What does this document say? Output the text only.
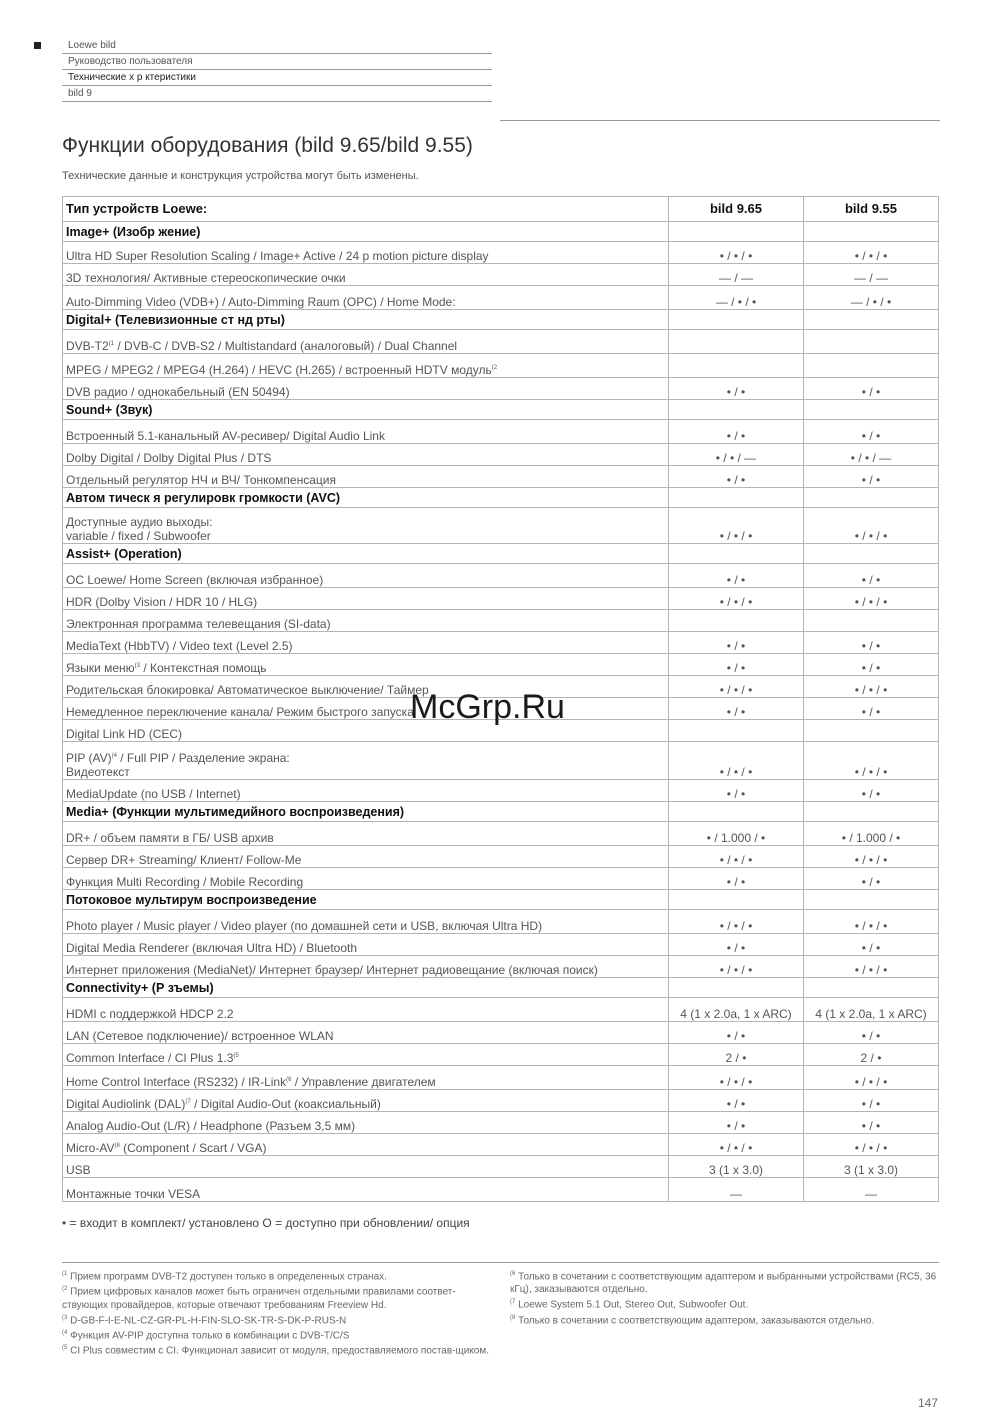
Loewe bild
Руководство пользователя
Технические х р ктеристики
bild 9
Функции оборудования (bild 9.65/bild 9.55)
Технические данные и конструкция устройства могут быть изменены.
Тип устройств Loewe:	bild 9.65	bild 9.55
Image+ (Изобр жение)		
Ultra HD Super Resolution Scaling / Image+ Active / 24 p motion picture display	• / • / •	• / • / •
3D технология/ Активные стереоскопические очки	— / —	— / —
Auto-Dimming Video (VDB+) / Auto-Dimming Raum (OPC) / Home Mode:	— / • / •	— / • / •
Digital+ (Телевизионные ст нд рты)		
DVB-T2$^{(1}$ / DVB-C / DVB-S2 / Multistandard (аналоговый) / Dual Channel		
MPEG / MPEG2 / MPEG4 (H.264) / HEVC (H.265) / встроенный HDTV модуль$^{(2}$		
DVB радио / однокабельный (EN 50494)	• / •	• / •
Sound+ (Звук)		
Встроенный 5.1-канальный AV-ресивер/ Digital Audio Link	• / •	• / •
Dolby Digital / Dolby Digital Plus / DTS	• / • / —	• / • / —
Отдельный регулятор НЧ и ВЧ/ Тонкомпенсация	• / •	• / •
Автом тическ я регулировк громкости (AVC)		
Доступные аудио выходы:
variable / fixed / Subwoofer	• / • / •	• / • / •
Assist+ (Operation)		
ОС Loewe/ Home Screen (включая избранное)	• / •	• / •
HDR (Dolby Vision / HDR 10 / HLG)	• / • / •	• / • / •
Электронная программа телевещания (SI-data)		
MediaText (HbbTV) / Video text (Level 2.5)	• / •	• / •
Языки меню$^{(3}$ / Контекстная помощь	• / •	• / •
Родительская блокировка/ Автоматическое выключение/ Таймер	• / • / •	• / • / •
Немедленное переключение канала/ Режим быстрого запуска	• / •	• / •
Digital Link HD (CEC)		
PIP (AV)$^{(4}$ / Full PIP / Разделение экрана:
Видеотекст	• / • / •	• / • / •
MediaUpdate (по USB / Internet)	• / •	• / •
Media+ (Функции мультимедийного воспроизведения)		
DR+ / объем памяти в ГБ/ USB архив	• / 1.000 / •	• / 1.000 / •
Сервер DR+ Streaming/ Клиент/ Follow-Me	• / • / •	• / • / •
Функция Multi Recording / Mobile Recording	• / •	• / •
Потоковое мультирум воспроизведение		
Photo player / Music player / Video player (по домашней сети и USB, включая Ultra HD)	• / • / •	• / • / •
Digital Media Renderer (включая Ultra HD) / Bluetooth	• / •	• / •
Интернет приложения (MediaNet)/ Интернет браузер/ Интернет радиовещание (включая поиск)	• / • / •	• / • / •
Connectivity+ (Р зъемы)		
HDMI с поддержкой HDCP 2.2	4 (1 x 2.0a, 1 x ARC)	4 (1 x 2.0a, 1 x ARC)
LAN (Сетевое подключение)/ встроенное WLAN	• / •	• / •
Common Interface / CI Plus 1.3$^{(5}$	2 / •	2 / •
Home Control Interface (RS232) / IR-Link$^{(6}$ / Управление двигателем	• / • / •	• / • / •
Digital Audiolink (DAL)$^{(7}$ / Digital Audio-Out (коаксиальный)	• / •	• / •
Analog Audio-Out (L/R) / Headphone (Разъем 3,5 мм)	• / •	• / •
Micro-AV$^{(8}$ (Component / Scart / VGA)	• / • / •	• / • / •
USB	3 (1 x 3.0)	3 (1 x 3.0)
Монтажные точки VESA	—	—
McGrp.Ru
• = входит в комплект/ установлено O = доступно при обновлении/ опция
$^{(1}$ Прием программ DVB-T2 доступен только в определенных странах.
$^{(2}$ Прием цифровых каналов может быть ограничен отдельными правилами соответ-ствующих провайдеров, которые отвечают требованиям Freeview Hd.
$^{(3}$ D-GB-F-I-E-NL-CZ-GR-PL-H-FIN-SLO-SK-TR-S-DK-P-RUS-N
$^{(4}$ Функция AV-PIP доступна только в комбинации с DVB-T/C/S
$^{(5}$ CI Plus совместим с CI. Функционал зависит от модуля, предоставляемого постав-щиком.
$^{(6}$ Только в сочетании с соответствующим адаптером и выбранными устройствами (RC5, 36 кГц), заказываются отдельно.
$^{(7}$ Loewe System 5.1 Out, Stereo Out, Subwoofer Out.
$^{(8}$ Только в сочетании с соответствующим адаптером, заказываются отдельно.
147
